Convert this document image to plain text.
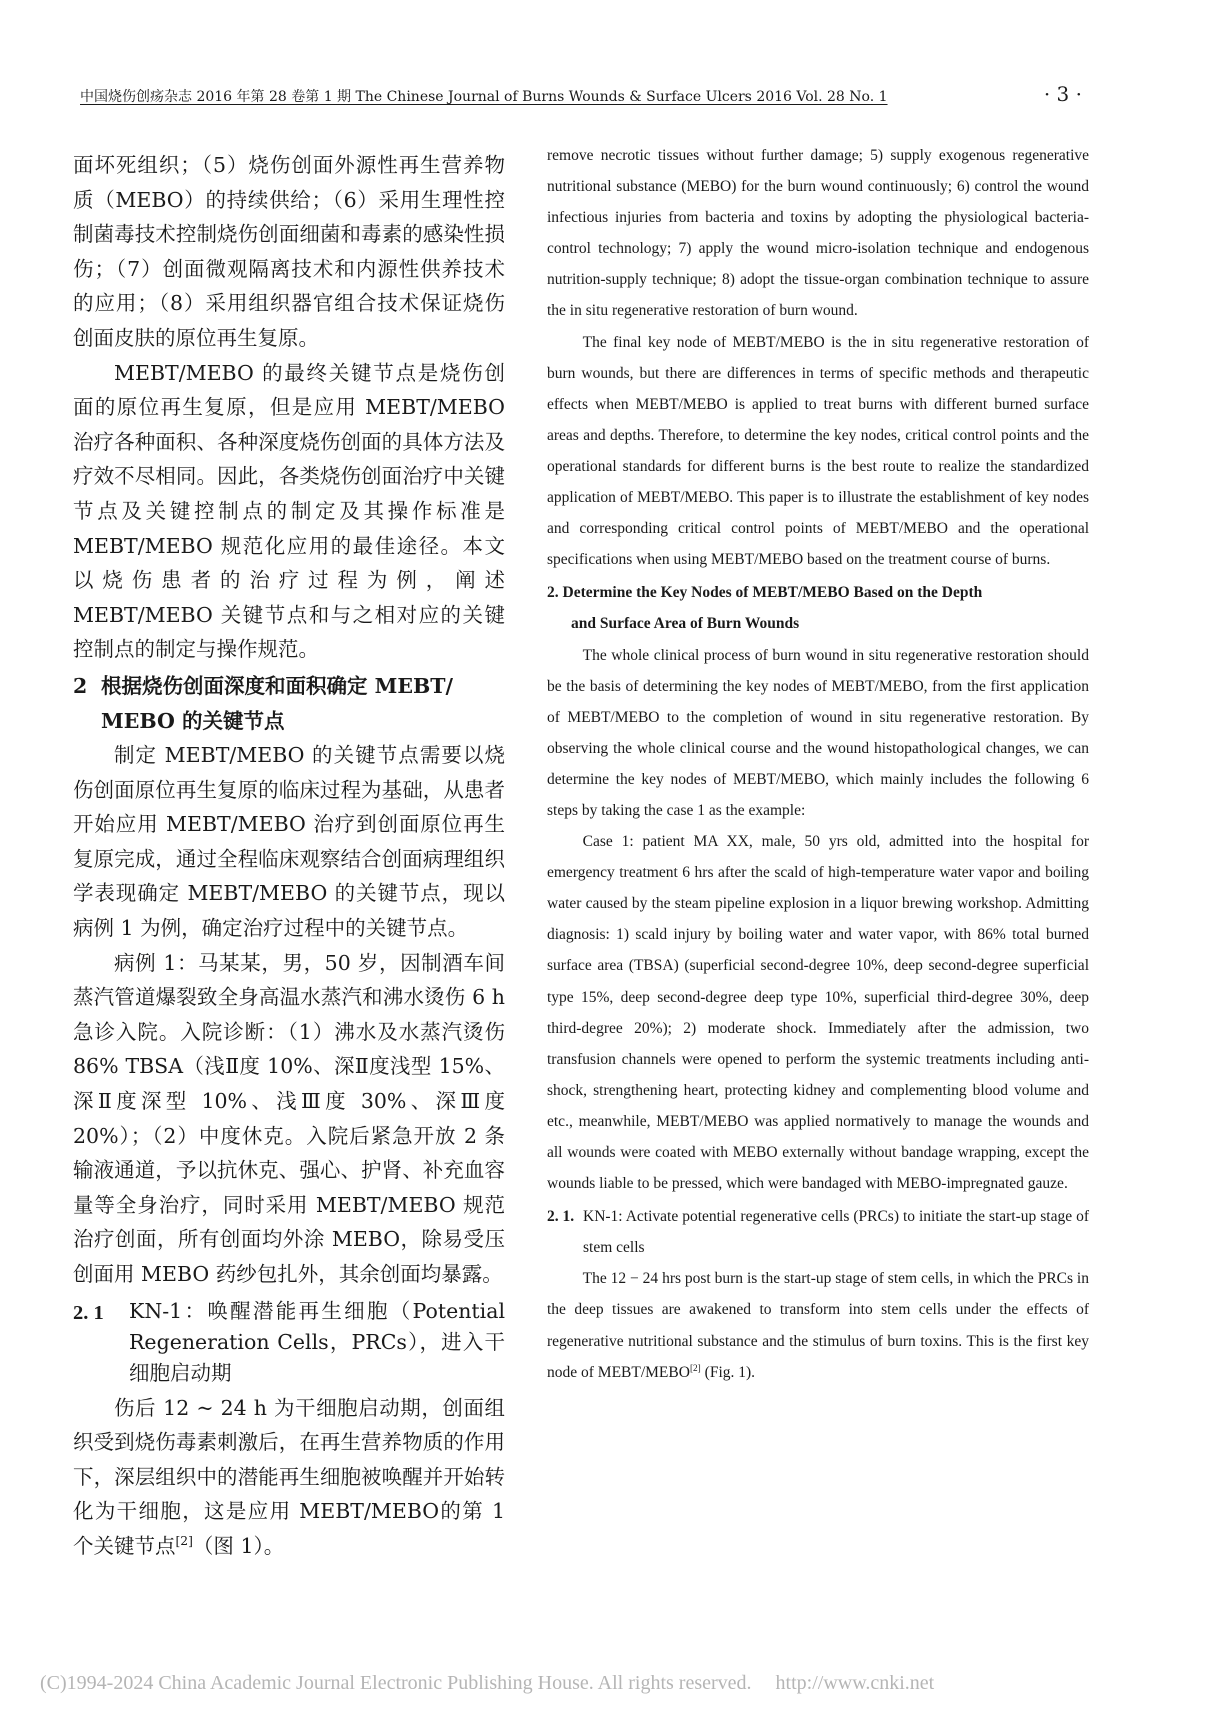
中国烧伤创疡杂志 2016 年第 28 卷第 1 期 The Chinese Journal of Burns Wounds & Surface Ulcers 2016 Vol. 28 No. 1	· 3 ·

面坏死组织；（5）烧伤创面外源性再生营养物质（MEBO）的持续供给；（6）采用生理性控制菌毒技术控制烧伤创面细菌和毒素的感染性损伤；（7）创面微观隔离技术和内源性供养技术的应用；（8）采用组织器官组合技术保证烧伤创面皮肤的原位再生复原。

MEBT/MEBO 的最终关键节点是烧伤创面的原位再生复原，但是应用 MEBT/MEBO 治疗各种面积、各种深度烧伤创面的具体方法及疗效不尽相同。因此，各类烧伤创面治疗中关键节点及关键控制点的制定及其操作标准是 MEBT/MEBO 规范化应用的最佳途径。本文以烧伤患者的治疗过程为例，阐述 MEBT/MEBO 关键节点和与之相对应的关键控制点的制定与操作规范。

2 根据烧伤创面深度和面积确定 MEBT/
MEBO 的关键节点

制定 MEBT/MEBO 的关键节点需要以烧伤创面原位再生复原的临床过程为基础，从患者开始应用 MEBT/MEBO 治疗到创面原位再生复原完成，通过全程临床观察结合创面病理组织学表现确定 MEBT/MEBO 的关键节点，现以病例 1 为例，确定治疗过程中的关键节点。

病例 1：马某某，男，50 岁，因制酒车间蒸汽管道爆裂致全身高温水蒸汽和沸水烫伤 6 h 急诊入院。入院诊断：（1）沸水及水蒸汽烫伤 86% TBSA（浅Ⅱ度 10%、深Ⅱ度浅型 15%、深Ⅱ度深型 10%、浅Ⅲ度 30%、深Ⅲ度 20%）；（2）中度休克。入院后紧急开放 2 条输液通道，予以抗休克、强心、护肾、补充血容量等全身治疗，同时采用 MEBT/MEBO 规范治疗创面，所有创面均外涂 MEBO，除易受压创面用 MEBO 药纱包扎外，其余创面均暴露。

2. 1	KN-1：唤醒潜能再生细胞（Potential Regeneration Cells，PRCs），进入干细胞启动期

伤后 12 ~ 24 h 为干细胞启动期，创面组织受到烧伤毒素刺激后，在再生营养物质的作用下，深层组织中的潜能再生细胞被唤醒并开始转化为干细胞，这是应用 MEBT/MEBO的第 1 个关键节点[2]（图 1）。

remove necrotic tissues without further damage; 5) supply exogenous regenerative nutritional substance (MEBO) for the burn wound continuously; 6) control the wound infectious injuries from bacteria and toxins by adopting the physiological bacteria-control technology; 7) apply the wound micro-isolation technique and endogenous nutrition-supply technique; 8) adopt the tissue-organ combination technique to assure the in situ regenerative restoration of burn wound.

The final key node of MEBT/MEBO is the in situ regenerative restoration of burn wounds, but there are differences in terms of specific methods and therapeutic effects when MEBT/MEBO is applied to treat burns with different burned surface areas and depths. Therefore, to determine the key nodes, critical control points and the operational standards for different burns is the best route to realize the standardized application of MEBT/MEBO. This paper is to illustrate the establishment of key nodes and corresponding critical control points of MEBT/MEBO and the operational specifications when using MEBT/MEBO based on the treatment course of burns.

2. Determine the Key Nodes of MEBT/MEBO Based on the Depth
and Surface Area of Burn Wounds

The whole clinical process of burn wound in situ regenerative restoration should be the basis of determining the key nodes of MEBT/MEBO, from the first application of MEBT/MEBO to the completion of wound in situ regenerative restoration. By observing the whole clinical course and the wound histopathological changes, we can determine the key nodes of MEBT/MEBO, which mainly includes the following 6 steps by taking the case 1 as the example:

Case 1: patient MA XX, male, 50 yrs old, admitted into the hospital for emergency treatment 6 hrs after the scald of high-temperature water vapor and boiling water caused by the steam pipeline explosion in a liquor brewing workshop. Admitting diagnosis: 1) scald injury by boiling water and water vapor, with 86% total burned surface area (TBSA) (superficial second-degree 10%, deep second-degree superficial type 15%, deep second-degree deep type 10%, superficial third-degree 30%, deep third-degree 20%); 2) moderate shock. Immediately after the admission, two transfusion channels were opened to perform the systemic treatments including anti-shock, strengthening heart, protecting kidney and complementing blood volume and etc., meanwhile, MEBT/MEBO was applied normatively to manage the wounds and all wounds were coated with MEBO externally without bandage wrapping, except the wounds liable to be pressed, which were bandaged with MEBO-impregnated gauze.

2. 1. KN-1: Activate potential regenerative cells (PRCs) to initiate the start-up stage of stem cells

The 12 − 24 hrs post burn is the start-up stage of stem cells, in which the PRCs in the deep tissues are awakened to transform into stem cells under the effects of regenerative nutritional substance and the stimulus of burn toxins. This is the first key node of MEBT/MEBO[2] (Fig. 1).

(C)1994-2024 China Academic Journal Electronic Publishing House. All rights reserved. http://www.cnki.net
